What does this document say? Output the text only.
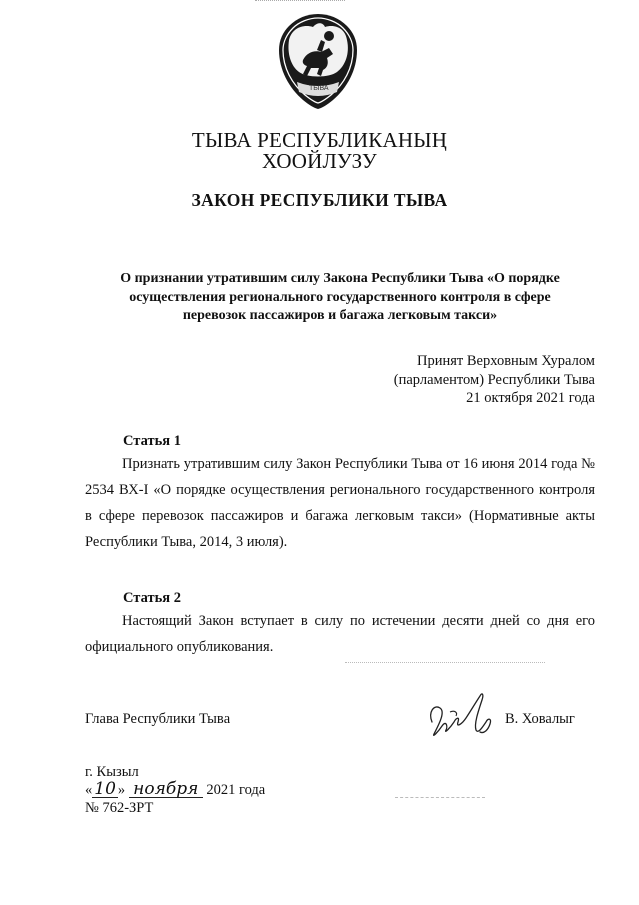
ТЫВА
ТЫВА РЕСПУБЛИКАНЫҢ
ХООЙЛУЗУ
ЗАКОН РЕСПУБЛИКИ ТЫВА
О признании утратившим силу Закона Республики Тыва «О порядке
осуществления регионального государственного контроля в сфере
перевозок пассажиров и багажа легковым такси»
Принят Верховным Хуралом
(парламентом) Республики Тыва
21 октября 2021 года
Статья 1
Признать утратившим силу Закон Республики Тыва от 16 июня 2014 года № 2534 ВХ-I «О порядке осуществления регионального государственного контроля в сфере перевозок пассажиров и багажа легковым такси» (Нормативные акты Республики Тыва, 2014, 3 июля).
Статья 2
Настоящий Закон вступает в силу по истечении десяти дней со дня его официального опубликования.
Глава Республики Тывa	В. Ховалыг
г. Кызыл
« 10 » ноября 2021 года
№ 762-ЗРТ
